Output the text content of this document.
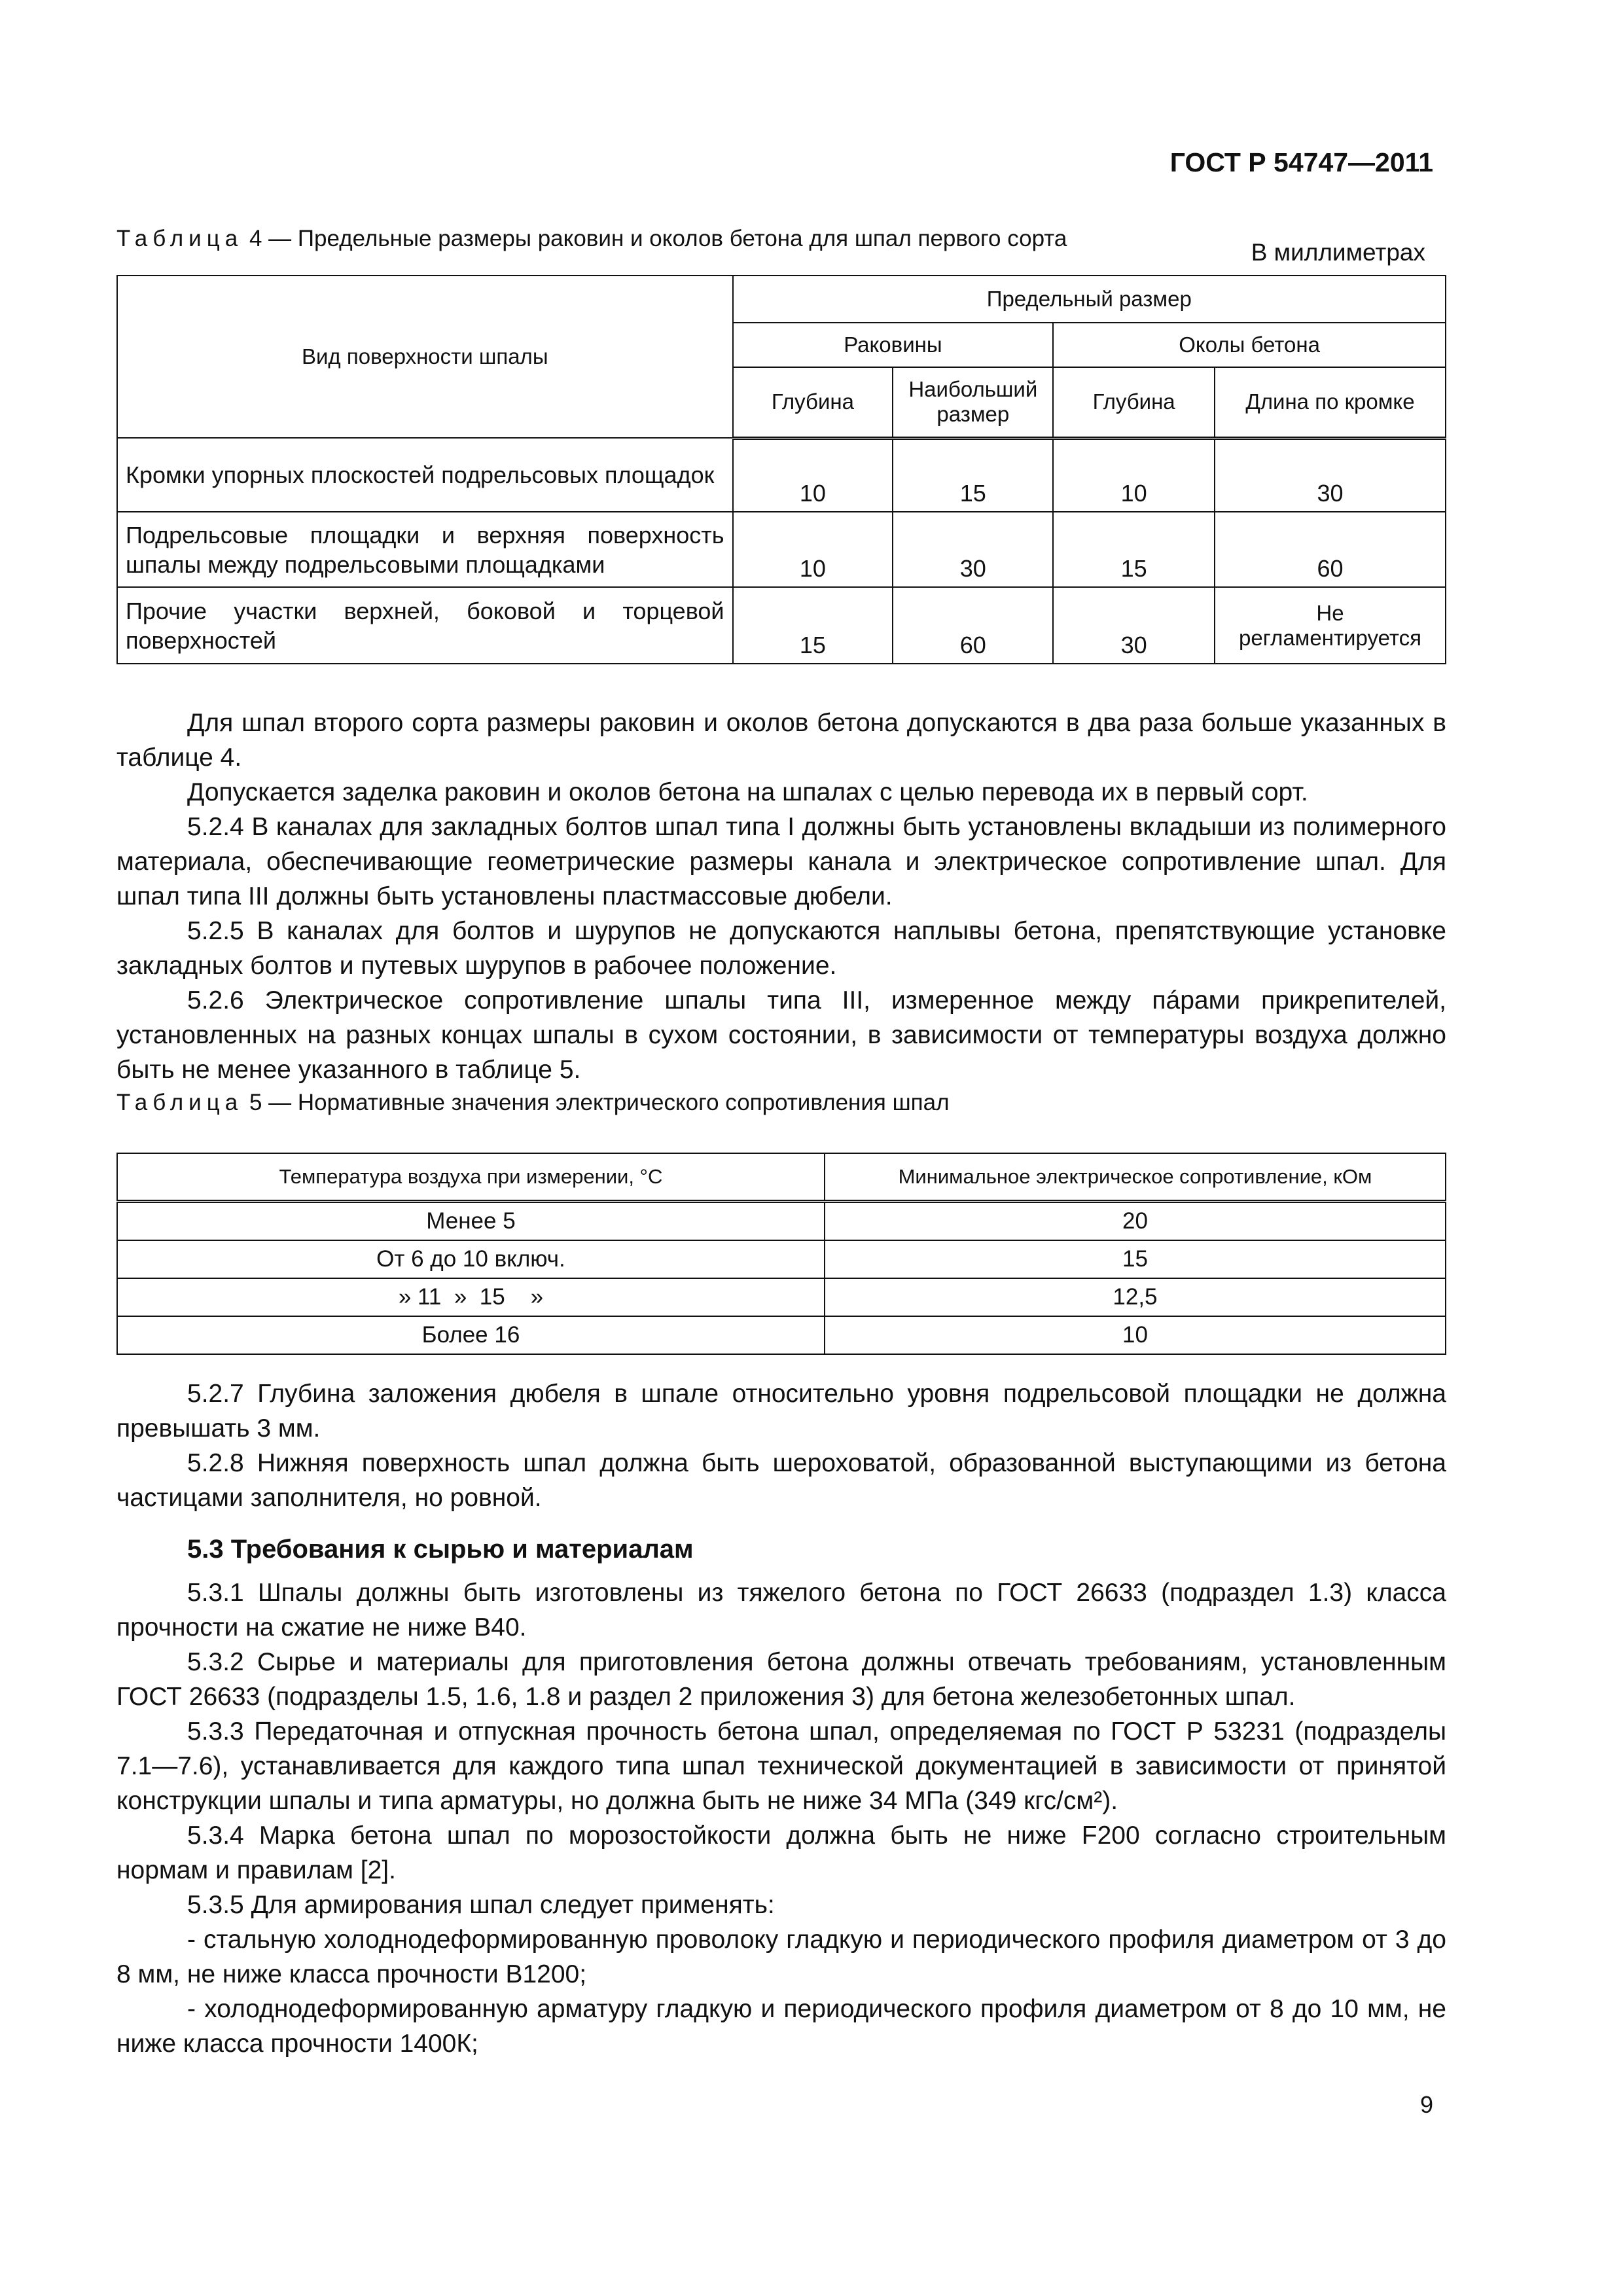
ГОСТ Р 54747—2011
Таблица 4 — Предельные размеры раковин и околов бетона для шпал первого сорта
В миллиметрах
Вид поверхности шпалы	Предельный размер			
	Раковины		Околы бетона	
	Глубина	Наибольший размер	Глубина	Длина по кромке
Кромки упорных плоскостей подрельсовых площадок	10	15	10	30
Подрельсовые площадки и верхняя поверхность шпалы между подрельсовыми площадками	10	30	15	60
Прочие участки верхней, боковой и торцевой поверхностей	15	60	30	Не регламентируется

Для шпал второго сорта размеры раковин и околов бетона допускаются в два раза больше указанных в таблице 4.

Допускается заделка раковин и околов бетона на шпалах с целью перевода их в первый сорт.

5.2.4 В каналах для закладных болтов шпал типа I должны быть установлены вкладыши из полимерного материала, обеспечивающие геометрические размеры канала и электрическое сопротивление шпал. Для шпал типа III должны быть установлены пластмассовые дюбели.

5.2.5 В каналах для болтов и шурупов не допускаются наплывы бетона, препятствующие установке закладных болтов и путевых шурупов в рабочее положение.

5.2.6 Электрическое сопротивление шпалы типа III, измеренное между пáрами прикрепителей, установленных на разных концах шпалы в сухом состоянии, в зависимости от температуры воздуха должно быть не менее указанного в таблице 5.

Таблица 5 — Нормативные значения электрического сопротивления шпал
Температура воздуха при измерении, °С	Минимальное электрическое сопротивление, кОм
Менее 5	20
От 6 до 10 включ.	15
» 11  »  15    »	12,5
Более 16	10

5.2.7 Глубина заложения дюбеля в шпале относительно уровня подрельсовой площадки не должна превышать 3 мм.

5.2.8 Нижняя поверхность шпал должна быть шероховатой, образованной выступающими из бетона частицами заполнителя, но ровной.

5.3 Требования к сырью и материалам

5.3.1 Шпалы должны быть изготовлены из тяжелого бетона по ГОСТ 26633 (подраздел 1.3) класса прочности на сжатие не ниже В40.

5.3.2 Сырье и материалы для приготовления бетона должны отвечать требованиям, установленным ГОСТ 26633 (подразделы 1.5, 1.6, 1.8 и раздел 2 приложения 3) для бетона железобетонных шпал.

5.3.3 Передаточная и отпускная прочность бетона шпал, определяемая по ГОСТ Р 53231 (подразделы 7.1—7.6), устанавливается для каждого типа шпал технической документацией в зависимости от принятой конструкции шпалы и типа арматуры, но должна быть не ниже 34 МПа (349 кгс/см²).

5.3.4 Марка бетона шпал по морозостойкости должна быть не ниже F200 согласно строительным нормам и правилам [2].

5.3.5 Для армирования шпал следует применять:

- стальную холоднодеформированную проволоку гладкую и периодического профиля диаметром от 3 до 8 мм, не ниже класса прочности В1200;

- холоднодеформированную арматуру гладкую и периодического профиля диаметром от 8 до 10 мм, не ниже класса прочности 1400К;

9
